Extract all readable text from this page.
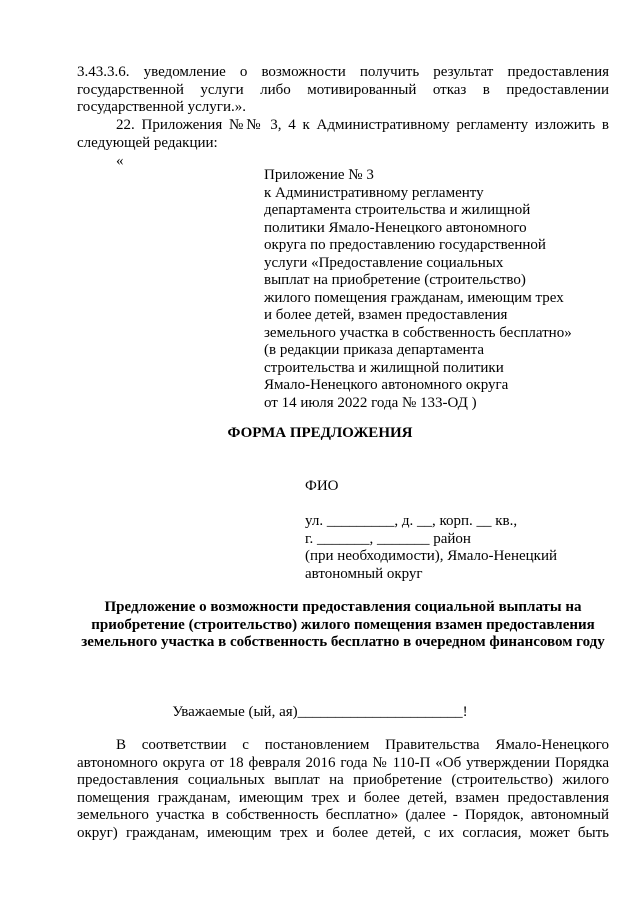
3.43.3.6. уведомление о возможности получить результат предоставления государственной услуги либо мотивированный отказ в предоставлении государственной услуги.».

22. Приложения №№ 3, 4 к Административному регламенту изложить в следующей редакции:

«

Приложение № 3
к Административному регламенту
департамента строительства и жилищной
политики Ямало-Ненецкого автономного
округа по предоставлению государственной
услуги «Предоставление социальных
выплат на приобретение (строительство)
жилого помещения гражданам, имеющим трех
и более детей, взамен предоставления
земельного участка в собственность бесплатно»
(в редакции приказа департамента
строительства и жилищной политики
Ямало-Ненецкого автономного округа
от 14 июля 2022 года № 133-ОД )

ФОРМА ПРЕДЛОЖЕНИЯ

ФИО

ул. _________, д. __, корп. __ кв.,
г. _______, _______ район
(при необходимости), Ямало-Ненецкий
автономный округ
Предложение о возможности предоставления социальной выплаты на
приобретение (строительство) жилого помещения взамен предоставления
земельного участка в собственность бесплатно в очередном финансовом году

Уважаемые (ый, ая)______________________!

В соответствии с постановлением Правительства Ямало-Ненецкого автономного округа от 18 февраля 2016 года № 110-П «Об утверждении Порядка предоставления социальных выплат на приобретение (строительство) жилого помещения гражданам, имеющим трех и более детей, взамен предоставления земельного участка в собственность бесплатно» (далее - Порядок, автономный округ) гражданам, имеющим трех и более детей, с их согласия, может быть
